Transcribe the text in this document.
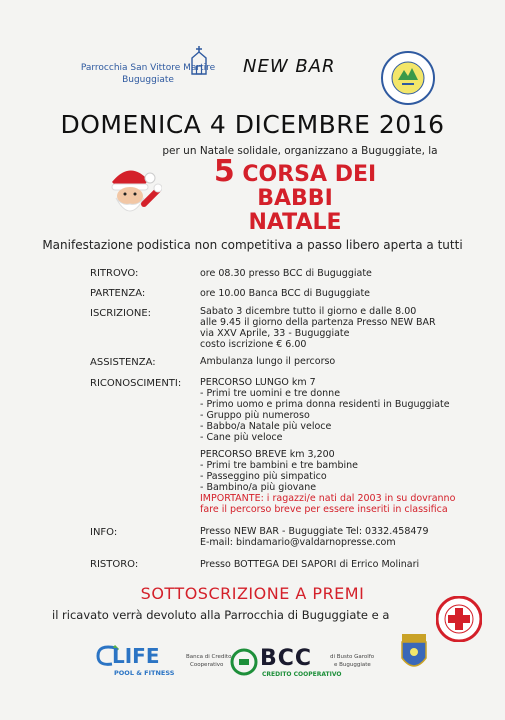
Parrocchia San Vittore Martire
Buguggiate
NEW BAR
DOMENICA 4 DICEMBRE 2016
per un Natale solidale, organizzano a Buguggiate, la
5 CORSA DEI BABBI
NATALE
Manifestazione podistica non competitiva a passo libero aperta a tutti
RITROVO:	ore 08.30 presso BCC di Buguggiate
PARTENZA:	ore 10.00 Banca BCC di Buguggiate
ISCRIZIONE:	Sabato 3 dicembre tutto il giorno e dalle 8.00
alle 9.45 il giorno della partenza Presso NEW BAR
via XXV Aprile, 33 - Buguggiate
costo iscrizione € 6.00
ASSISTENZA:	Ambulanza lungo il percorso
RICONOSCIMENTI: PERCORSO LUNGO km 7
- Primi tre uomini e tre donne
- Primo uomo e prima donna residenti in Buguggiate
- Gruppo più numeroso
- Babbo/a Natale più veloce
- Cane più veloce
PERCORSO BREVE km 3,200
- Primi tre bambini e tre bambine
- Passeggino più simpatico
- Bambino/a più giovane
IMPORTANTE: i ragazzi/e nati dal 2003 in su dovranno
fare il percorso breve per essere inseriti in classifica
INFO:	Presso NEW BAR - Buguggiate Tel: 0332.458479
E-mail: bindamario@valdarnopresse.com
RISTORO:	Presso BOTTEGA DEI SAPORI di Errico Molinari
SOTTOSCRIZIONE A PREMI
il ricavato verrà devoluto alla Parrocchia di Buguggiate e a
LIFE
POOL & FITNESS
Banca di Credito
Cooperativo BCC
CREDITO COOPERATIVO
di Busto Garolfo
e Buguggiate
